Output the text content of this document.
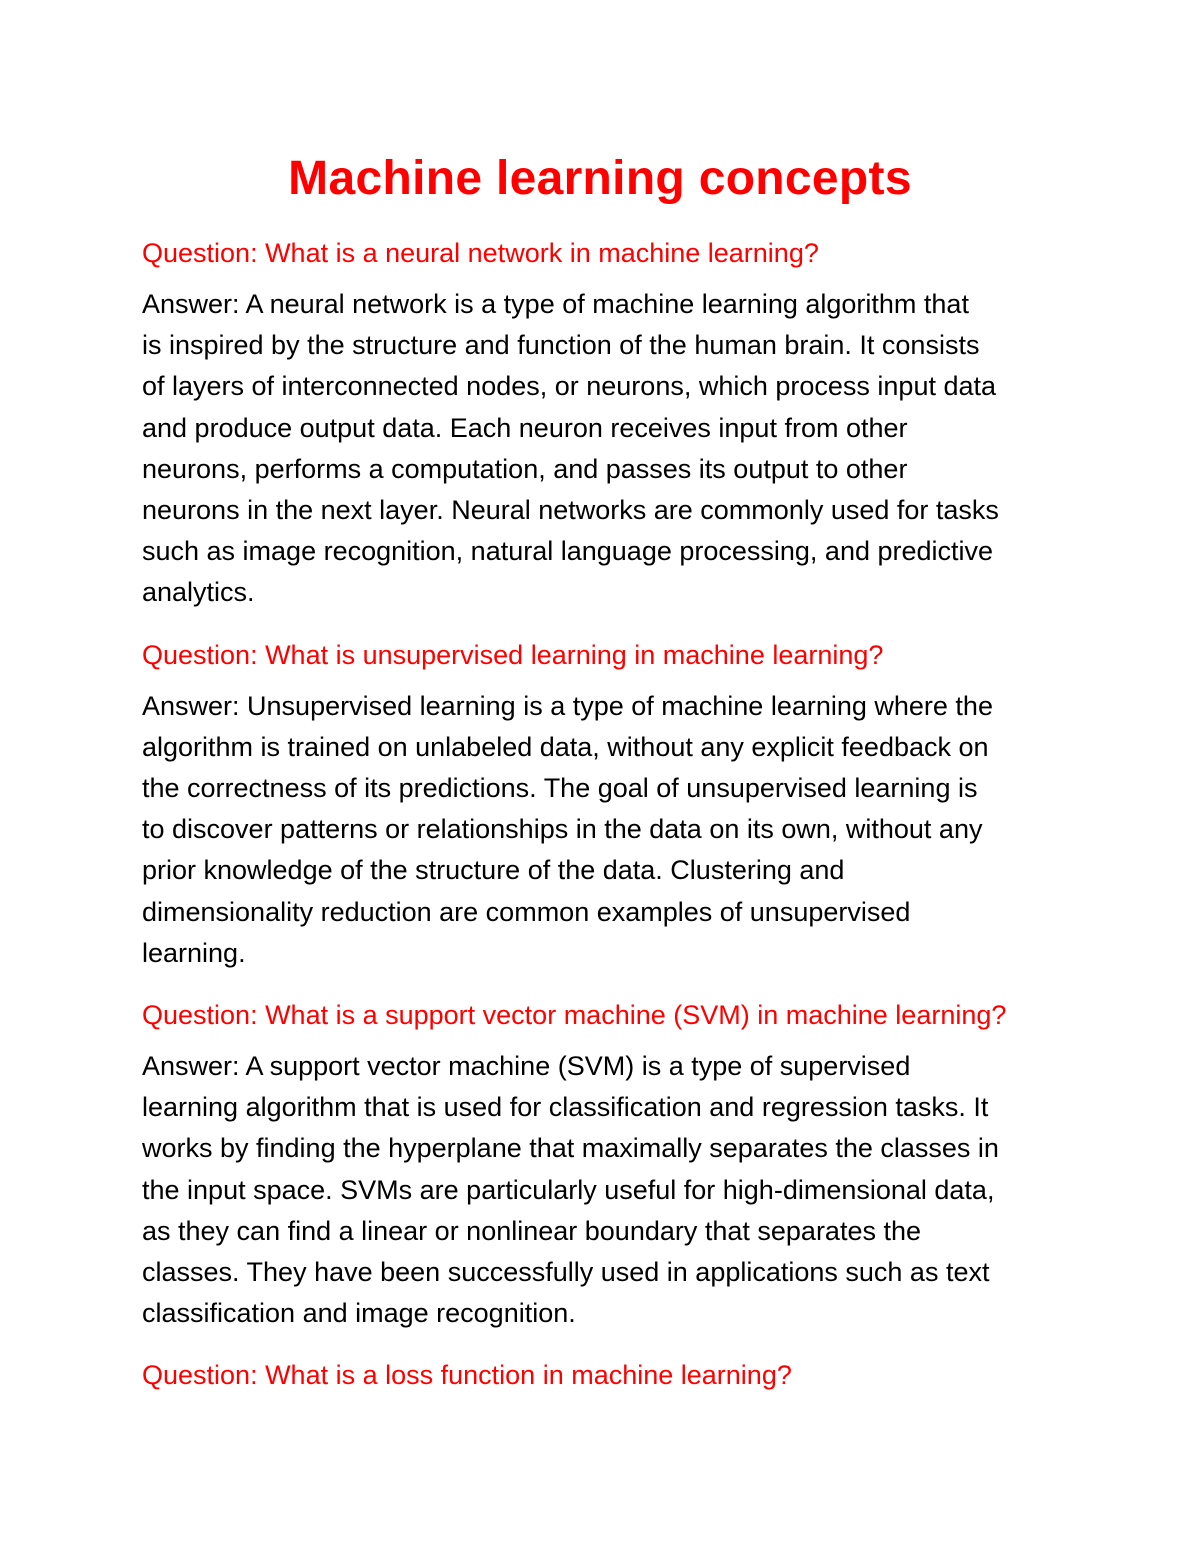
Machine learning concepts

Question: What is a neural network in machine learning?

Answer: A neural network is a type of machine learning algorithm that
is inspired by the structure and function of the human brain. It consists
of layers of interconnected nodes, or neurons, which process input data
and produce output data. Each neuron receives input from other
neurons, performs a computation, and passes its output to other
neurons in the next layer. Neural networks are commonly used for tasks
such as image recognition, natural language processing, and predictive
analytics.

Question: What is unsupervised learning in machine learning?

Answer: Unsupervised learning is a type of machine learning where the
algorithm is trained on unlabeled data, without any explicit feedback on
the correctness of its predictions. The goal of unsupervised learning is
to discover patterns or relationships in the data on its own, without any
prior knowledge of the structure of the data. Clustering and
dimensionality reduction are common examples of unsupervised
learning.

Question: What is a support vector machine (SVM) in machine learning?

Answer: A support vector machine (SVM) is a type of supervised
learning algorithm that is used for classification and regression tasks. It
works by finding the hyperplane that maximally separates the classes in
the input space. SVMs are particularly useful for high-dimensional data,
as they can find a linear or nonlinear boundary that separates the
classes. They have been successfully used in applications such as text
classification and image recognition.

Question: What is a loss function in machine learning?
